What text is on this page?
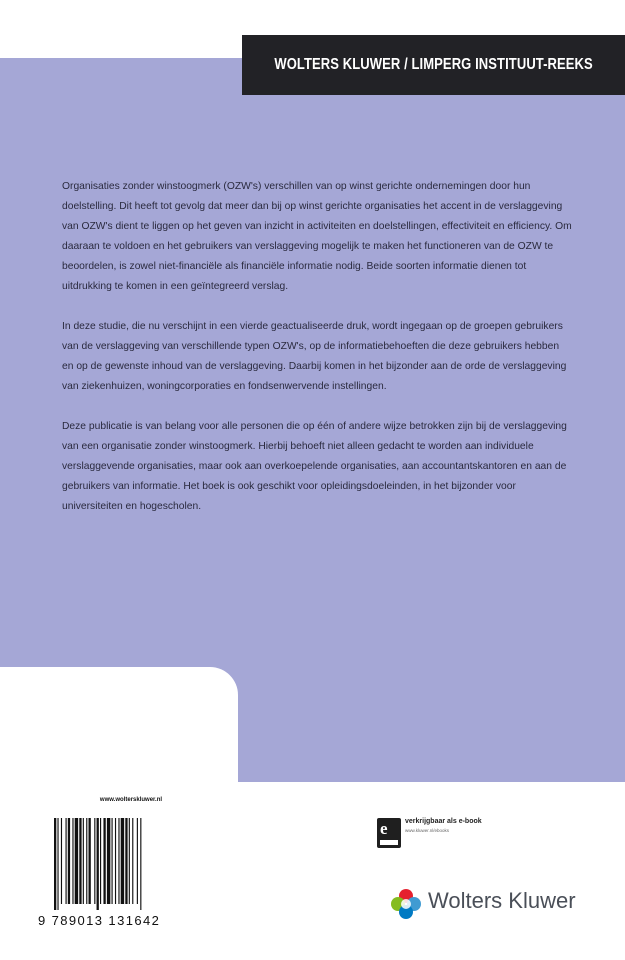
WOLTERS KLUWER / LIMPERG INSTITUUT-REEKS

Organisaties zonder winstoogmerk (OZW's) verschillen van op winst gerichte ondernemingen door hun doelstelling. Dit heeft tot gevolg dat meer dan bij op winst gerichte organisaties het accent in de verslaggeving van OZW's dient te liggen op het geven van inzicht in activiteiten en doelstellingen, effectiviteit en efficiency. Om daaraan te voldoen en het gebruikers van verslaggeving mogelijk te maken het functioneren van de OZW te beoordelen, is zowel niet-financiële als financiële informatie nodig. Beide soorten informatie dienen tot uitdrukking te komen in een geïntegreerd verslag.

In deze studie, die nu verschijnt in een vierde geactualiseerde druk, wordt ingegaan op de groepen gebruikers van de verslaggeving van verschillende typen OZW's, op de informatiebehoeften die deze gebruikers hebben en op de gewenste inhoud van de verslaggeving. Daarbij komen in het bijzonder aan de orde de verslaggeving van ziekenhuizen, woningcorporaties en fondsenwervende instellingen.

Deze publicatie is van belang voor alle personen die op één of andere wijze betrokken zijn bij de verslaggeving van een organisatie zonder winstoogmerk. Hierbij behoeft niet alleen gedacht te worden aan individuele verslaggevende organisaties, maar ook aan overkoepelende organisaties, aan accountantskantoren en aan de gebruikers van informatie. Het boek is ook geschikt voor opleidingsdoeleinden, in het bijzonder voor universiteiten en hogescholen.

www.wolterskluwer.nl
9 789013 131642
e verkrijgbaar als e-book
www.kluwer.nl/ebooks
Wolters Kluwer
